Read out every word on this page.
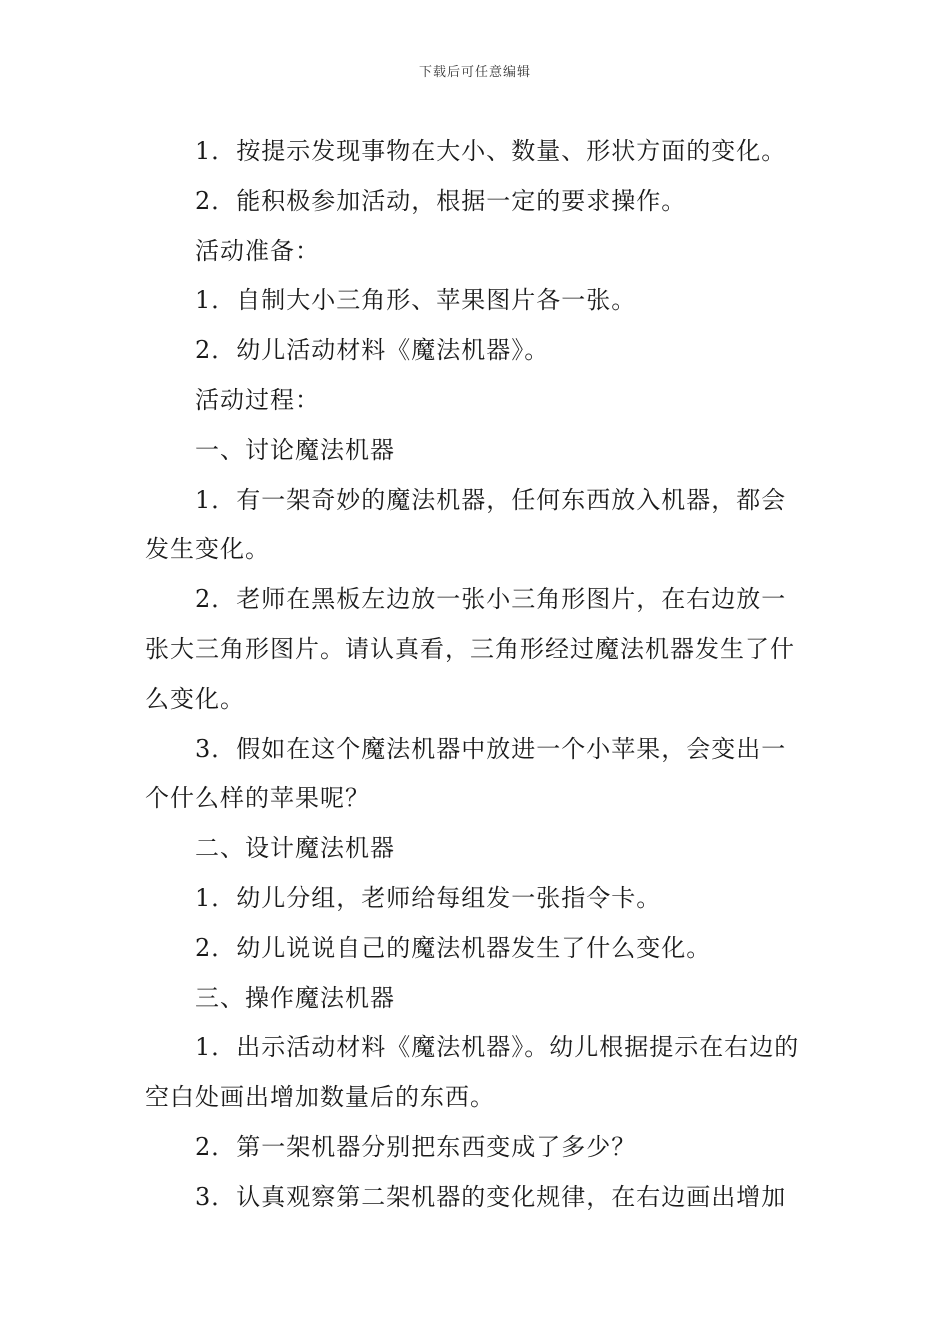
下载后可任意编辑

1．按提示发现事物在大小、数量、形状方面的变化。

2．能积极参加活动，根据一定的要求操作。

活动准备：

1．自制大小三角形、苹果图片各一张。

2．幼儿活动材料《魔法机器》。

活动过程：

一、讨论魔法机器

1．有一架奇妙的魔法机器，任何东西放入机器，都会发生变化。

2．老师在黑板左边放一张小三角形图片，在右边放一张大三角形图片。请认真看，三角形经过魔法机器发生了什么变化。

3．假如在这个魔法机器中放进一个小苹果，会变出一个什么样的苹果呢？

二、设计魔法机器

1．幼儿分组，老师给每组发一张指令卡。

2．幼儿说说自己的魔法机器发生了什么变化。

三、操作魔法机器

1．出示活动材料《魔法机器》。幼儿根据提示在右边的空白处画出增加数量后的东西。

2．第一架机器分别把东西变成了多少？

3．认真观察第二架机器的变化规律，在右边画出增加
